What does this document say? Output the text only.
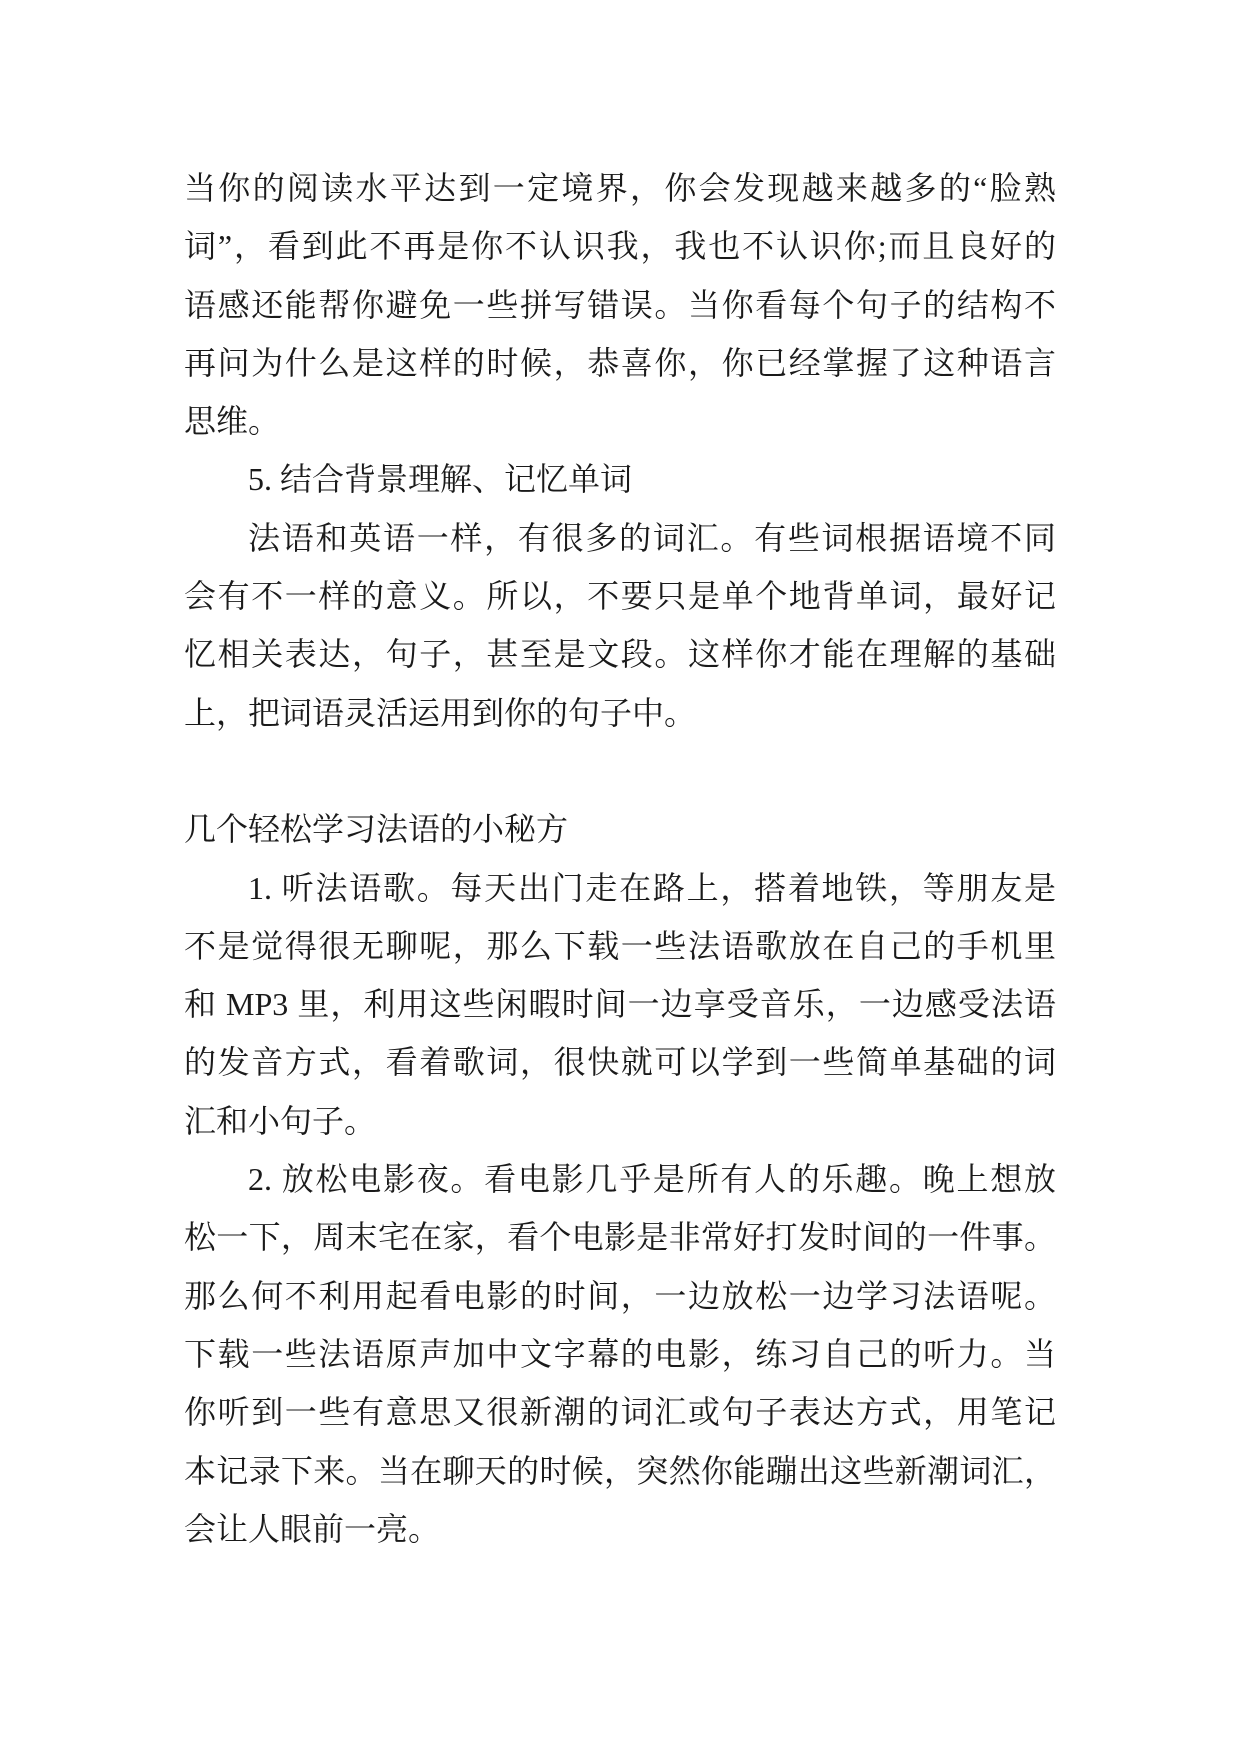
当你的阅读水平达到一定境界，你会发现越来越多的“脸熟
词”，看到此不再是你不认识我，我也不认识你;而且良好的
语感还能帮你避免一些拼写错误。当你看每个句子的结构不
再问为什么是这样的时候，恭喜你，你已经掌握了这种语言
思维。
5. 结合背景理解、记忆单词
法语和英语一样，有很多的词汇。有些词根据语境不同
会有不一样的意义。所以，不要只是单个地背单词，最好记
忆相关表达，句子，甚至是文段。这样你才能在理解的基础
上，把词语灵活运用到你的句子中。
几个轻松学习法语的小秘方
1. 听法语歌。每天出门走在路上，搭着地铁，等朋友是
不是觉得很无聊呢，那么下载一些法语歌放在自己的手机里
和 MP3 里，利用这些闲暇时间一边享受音乐，一边感受法语
的发音方式，看着歌词，很快就可以学到一些简单基础的词
汇和小句子。
2. 放松电影夜。看电影几乎是所有人的乐趣。晚上想放
松一下，周末宅在家，看个电影是非常好打发时间的一件事。
那么何不利用起看电影的时间，一边放松一边学习法语呢。
下载一些法语原声加中文字幕的电影，练习自己的听力。当
你听到一些有意思又很新潮的词汇或句子表达方式，用笔记
本记录下来。当在聊天的时候，突然你能蹦出这些新潮词汇，
会让人眼前一亮。
